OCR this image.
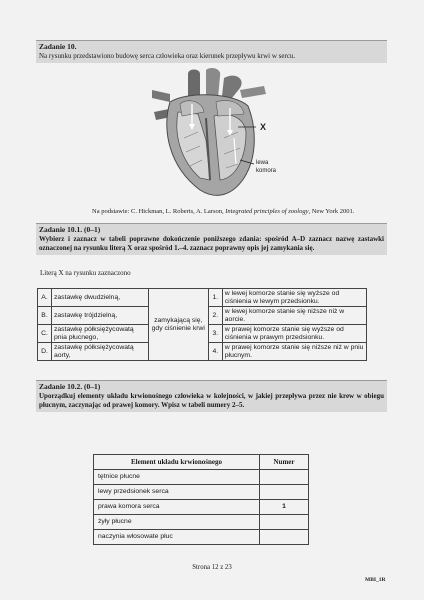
Zadanie 10.
Na rysunku przedstawiono budowę serca człowieka oraz kierunek przepływu krwi w sercu.
X
lewa
komora
Na podstawie: C. Hickman, L. Roberts, A. Larson, Integrated principles of zoology, New York 2001.
Zadanie 10.1. (0–1)
Wybierz i zaznacz w tabeli poprawne dokończenie poniższego zdania: spośród A–D zaznacz nazwę zastawki oznaczonej na rysunku literą X oraz spośród 1.–4. zaznacz poprawny opis jej zamykania się.
Literą X na rysunku zaznaczono
A.	zastawkę dwudzielną,	zamykającą się, gdy ciśnienie krwi	1.	w lewej komorze stanie się wyższe od ciśnienia w lewym przedsionku.
B.	zastawkę trójdzielną,		2.	w lewej komorze stanie się niższe niż w aorcie.
C.	zastawkę półksiężycowatą pnia płucnego,		3.	w prawej komorze stanie się wyższe od ciśnienia w prawym przedsionku.
D.	zastawkę półksiężycowatą aorty,		4.	w prawej komorze stanie się niższe niż w pniu płucnym.
Zadanie 10.2. (0–1)
Uporządkuj elementy układu krwionośnego człowieka w kolejności, w jakiej przepływa przez nie krew w obiegu płucnym, zaczynając od prawej komory. Wpisz w tabeli numery 2–5.
Element układu krwionośnego	Numer
tętnice płucne	
lewy przedsionek serca	
prawa komora serca	1
żyły płucne	
naczynia włosowate płuc	
Strona 12 z 23
MBI_1R
